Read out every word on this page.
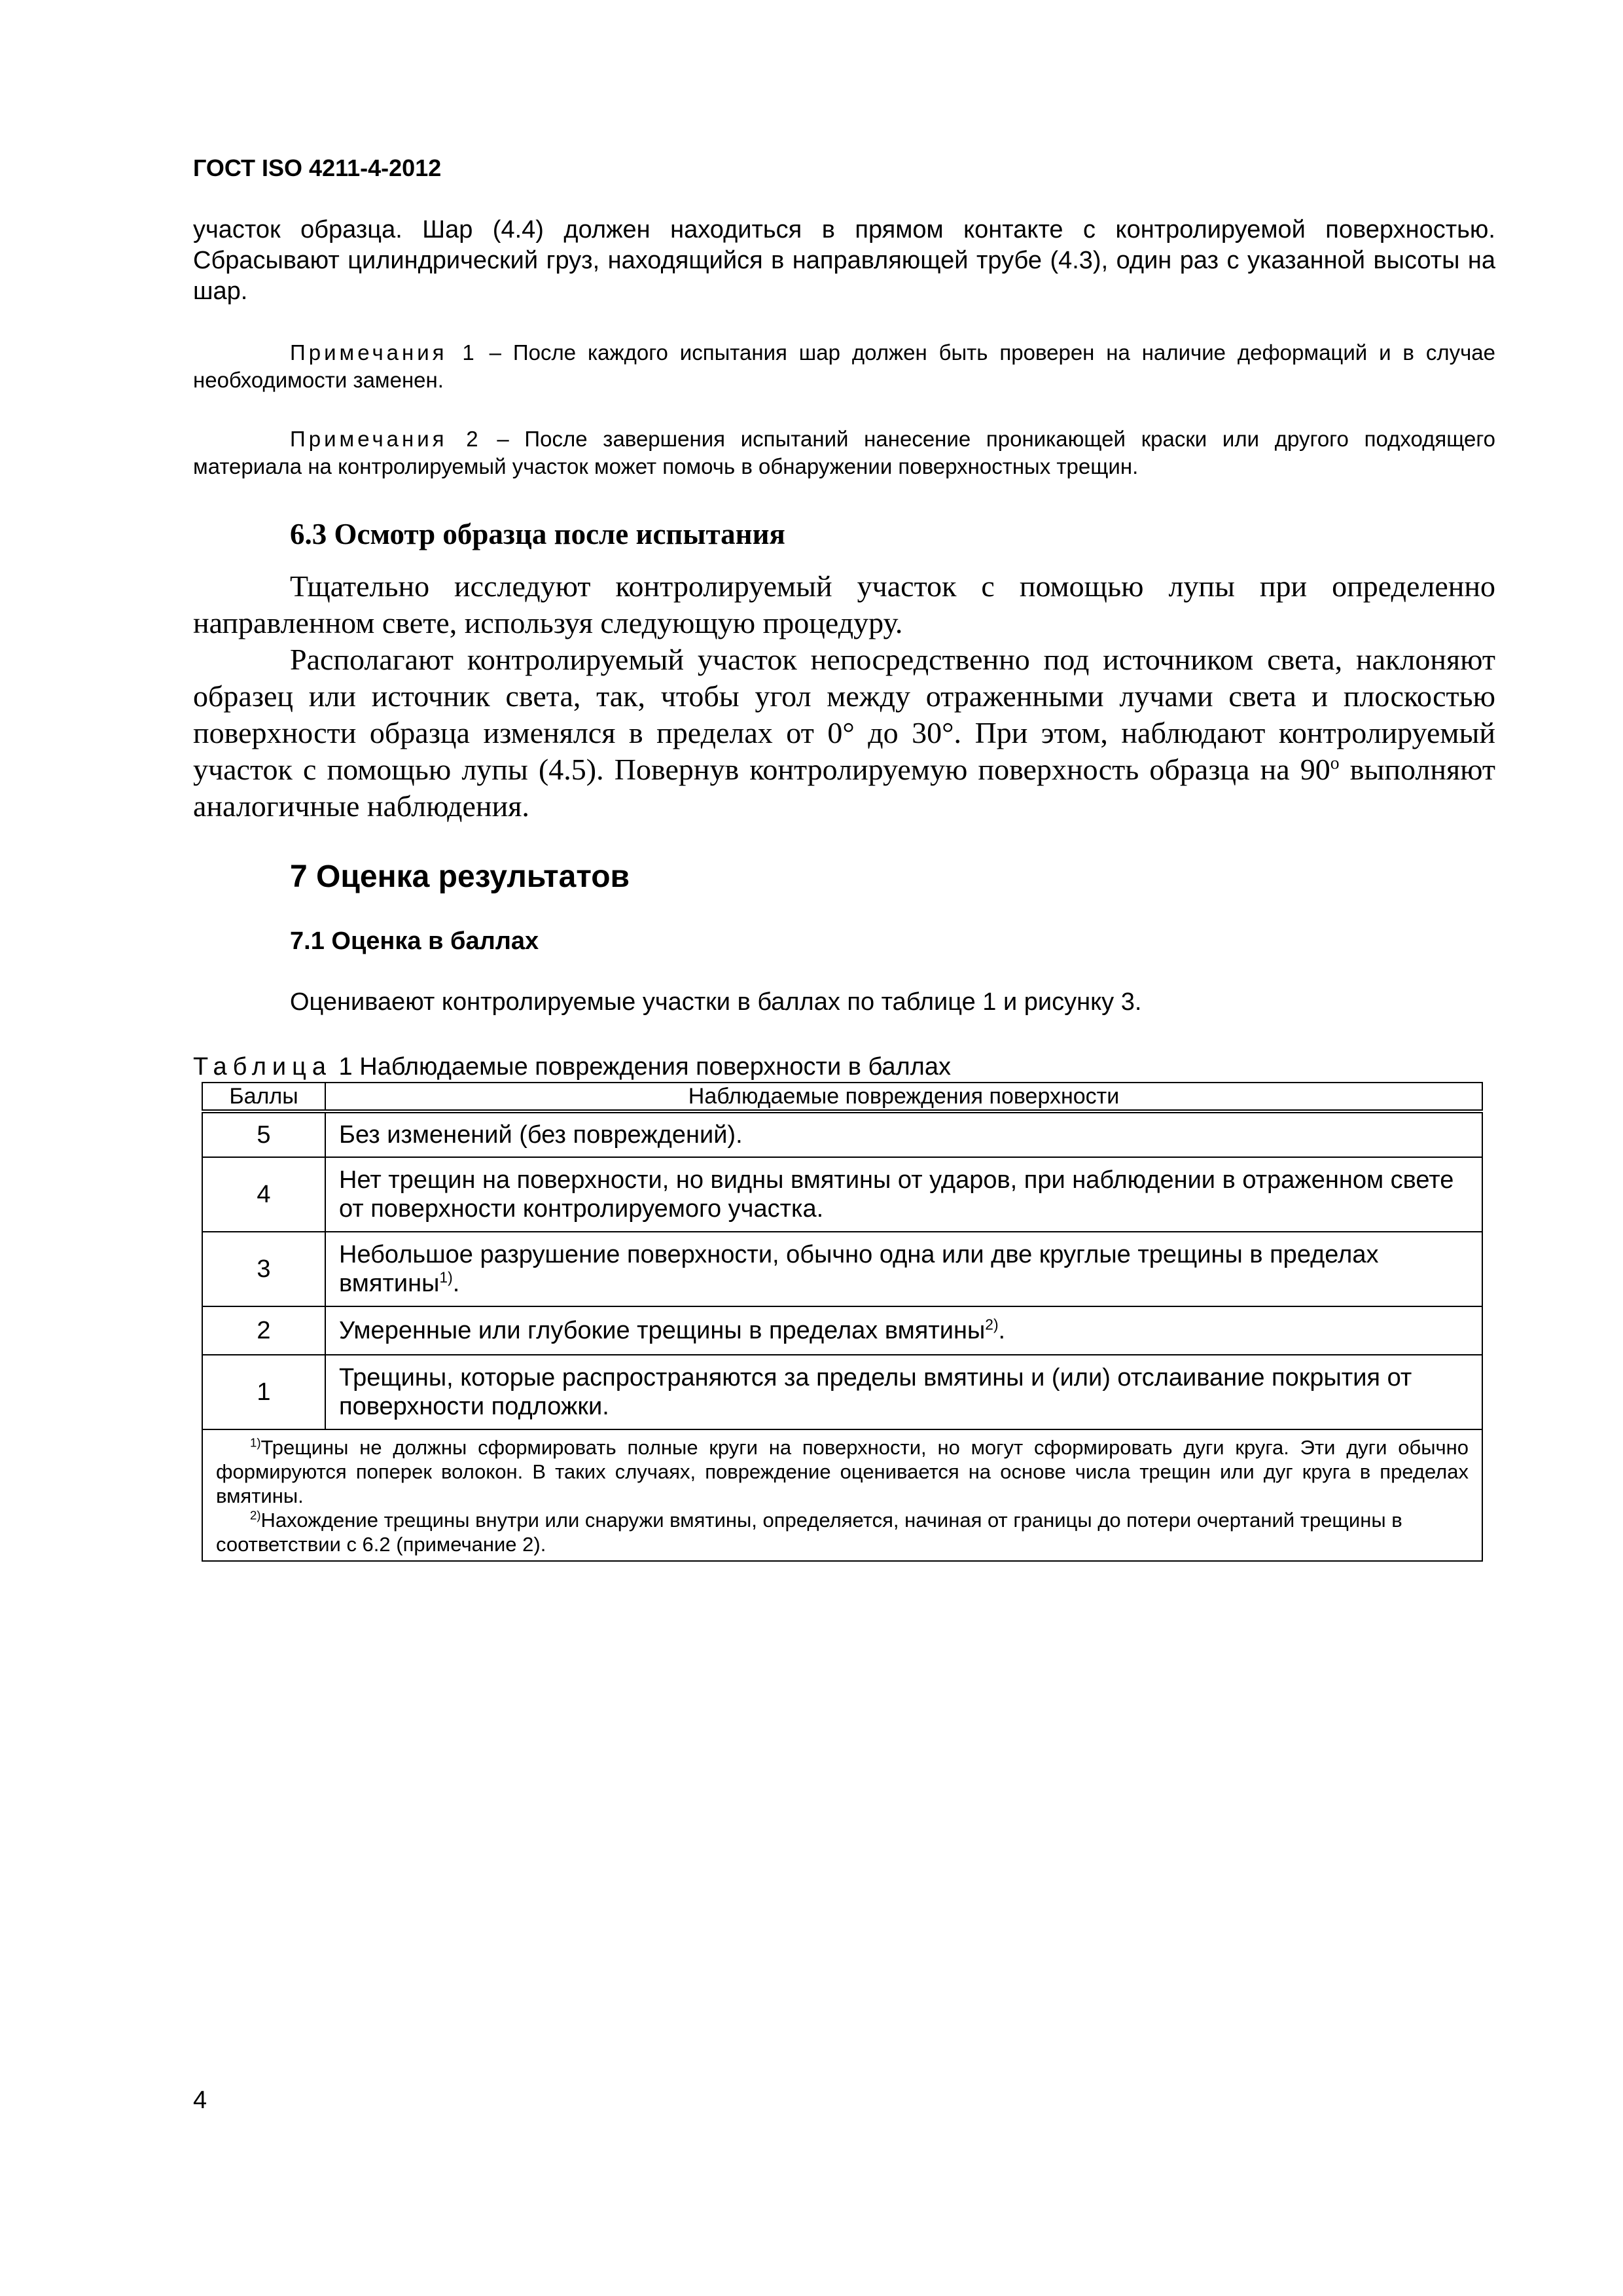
ГОСТ ISO 4211-4-2012
участок образца. Шар (4.4) должен находиться в прямом контакте с контролируемой поверхностью. Сбрасывают цилиндрический груз, находящийся в направляющей трубе (4.3), один раз с указанной высоты на шар.
Примечания 1 – После каждого испытания шар должен быть проверен на наличие деформаций и в случае необходимости заменен.
Примечания 2 – После завершения испытаний нанесение проникающей краски или другого подходящего материала на контролируемый участок может помочь в обнаружении поверхностных трещин.
6.3 Осмотр образца после испытания
Тщательно исследуют контролируемый участок с помощью лупы при определенно направленном свете, используя следующую процедуру.
Располагают контролируемый участок непосредственно под источником света, наклоняют образец или источник света, так, чтобы угол между отраженными лучами света и плоскостью поверхности образца изменялся в пределах от 0° до 30°. При этом, наблюдают контролируемый участок с помощью лупы (4.5). Повернув контролируемую поверхность образца на $90^о$ выполняют аналогичные наблюдения.
7 Оценка результатов
7.1 Оценка в баллах
Оцениваеют контролируемые участки в баллах по таблице 1 и рисунку 3.
Таблица 1 Наблюдаемые повреждения поверхности в баллах
Баллы	Наблюдаемые повреждения поверхности
5	Без изменений (без повреждений).
4	Нет трещин на поверхности, но видны вмятины от ударов, при наблюдении в отраженном свете от поверхности контролируемого участка.
3	Небольшое разрушение поверхности, обычно одна или две круглые трещины в пределах вмятины$^{1)}$.
2	Умеренные или глубокие трещины в пределах вмятины$^{2)}$.
1	Трещины, которые распространяются за пределы вмятины и (или) отслаивание покрытия от поверхности подложки.

$^{1)}$Трещины не должны сформировать полные круги на поверхности, но могут сформировать дуги круга. Эти дуги обычно формируются поперек волокон. В таких случаях, повреждение оценивается на основе числа трещин или дуг круга в пределах вмятины.
$^{2)}$Нахождение трещины внутри или снаружи вмятины, определяется, начиная от границы до потери очертаний трещины в соответствии с 6.2 (примечание 2).	
4
